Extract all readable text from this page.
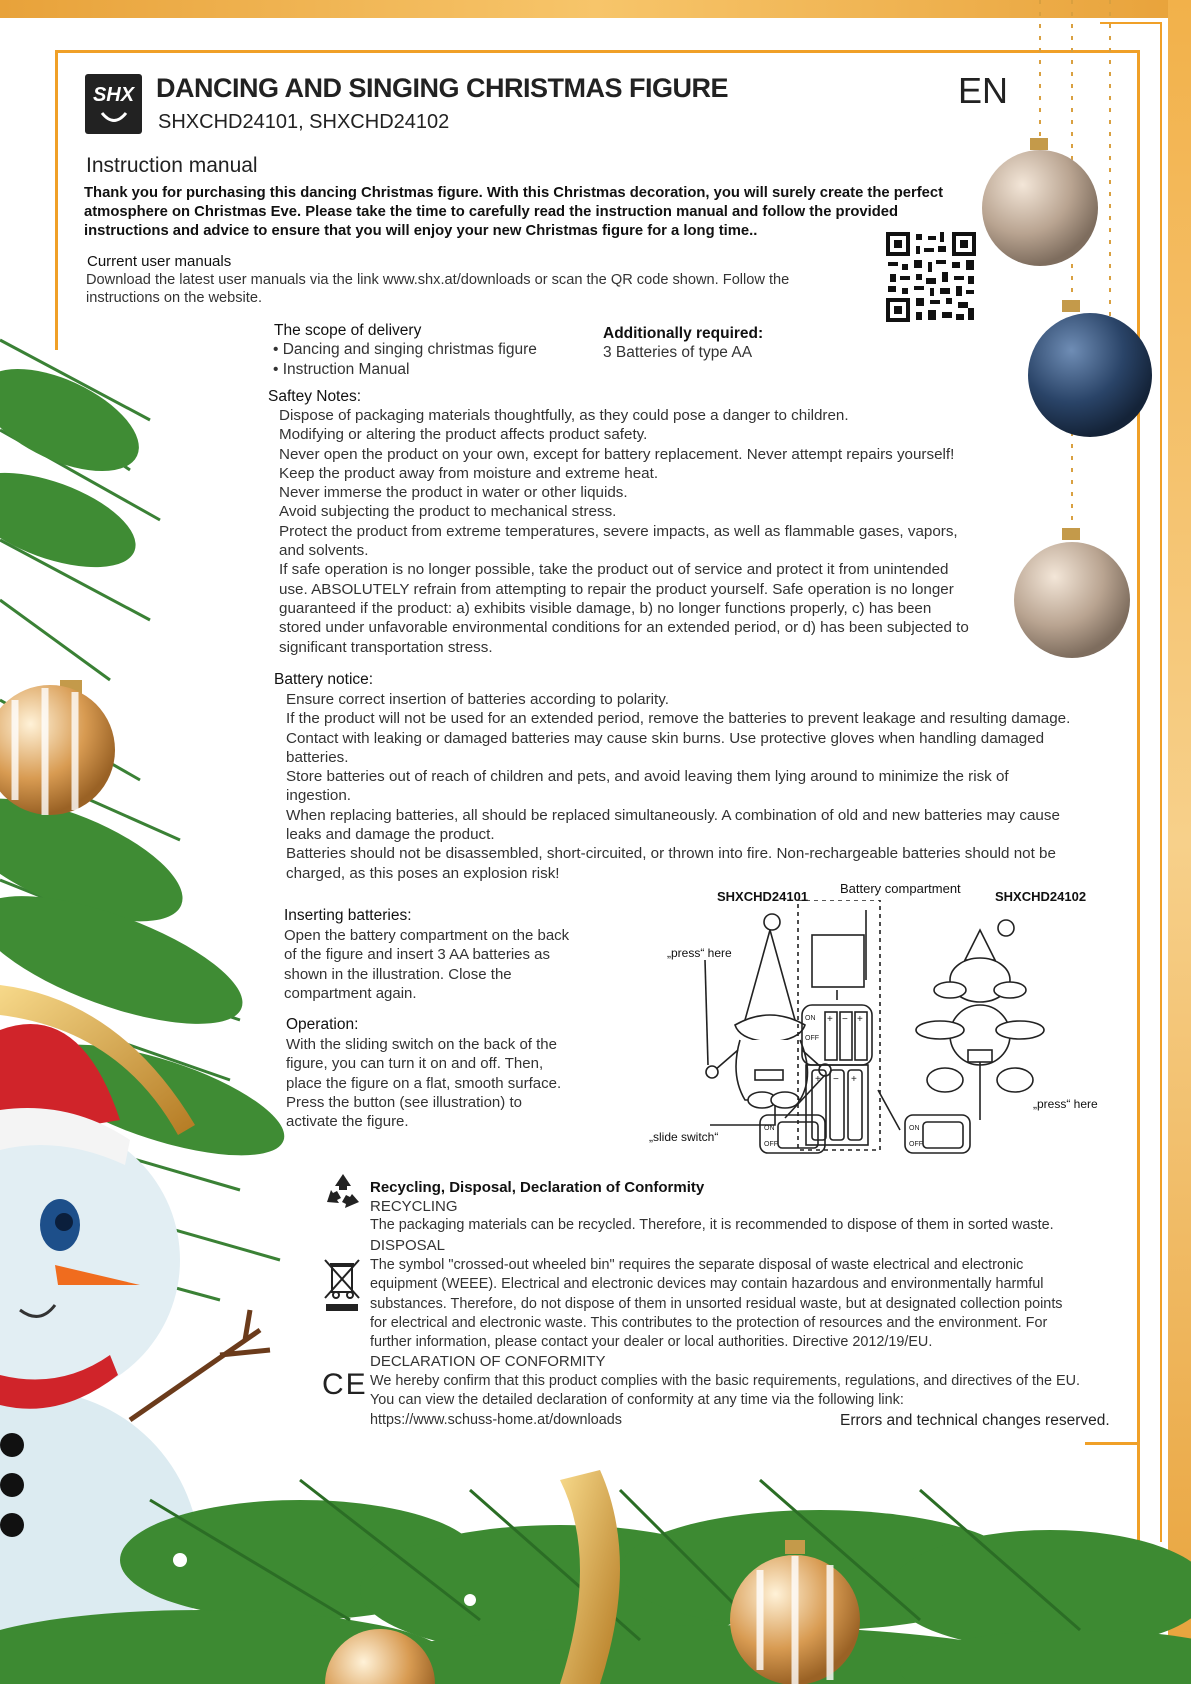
SHX DANCING AND SINGING CHRISTMAS FIGURE
SHXCHD24101, SHXCHD24102
EN
Instruction manual
Thank you for purchasing this dancing Christmas figure. With this Christmas decoration, you will surely create the perfect
atmosphere on Christmas Eve. Please take the time to carefully read the instruction manual and follow the provided
instructions and advice to ensure that you will enjoy your new Christmas figure for a long time..
Current user manuals
Download the latest user manuals via the link www.shx.at/downloads or scan the QR code shown. Follow the
instructions on the website.
The scope of delivery
• Dancing and singing christmas figure
• Instruction Manual
Additionally required:
3 Batteries of type AA
Saftey Notes:
Dispose of packaging materials thoughtfully, as they could pose a danger to children.
Modifying or altering the product affects product safety.
Never open the product on your own, except for battery replacement. Never attempt repairs yourself!
Keep the product away from moisture and extreme heat.
Never immerse the product in water or other liquids.
Avoid subjecting the product to mechanical stress.
Protect the product from extreme temperatures, severe impacts, as well as flammable gases, vapors,
and solvents.
If safe operation is no longer possible, take the product out of service and protect it from unintended
use. ABSOLUTELY refrain from attempting to repair the product yourself. Safe operation is no longer
guaranteed if the product: a) exhibits visible damage, b) no longer functions properly, c) has been
stored under unfavorable environmental conditions for an extended period, or d) has been subjected to
significant transportation stress.
Battery notice:
Ensure correct insertion of batteries according to polarity.
If the product will not be used for an extended period, remove the batteries to prevent leakage and resulting damage.
Contact with leaking or damaged batteries may cause skin burns. Use protective gloves when handling damaged
batteries.
Store batteries out of reach of children and pets, and avoid leaving them lying around to minimize the risk of
ingestion.
When replacing batteries, all should be replaced simultaneously. A combination of old and new batteries may cause
leaks and damage the product.
Batteries should not be disassembled, short-circuited, or thrown into fire. Non-rechargeable batteries should not be
charged, as this poses an explosion risk!
Inserting batteries:
Open the battery compartment on the back
of the figure and insert 3 AA batteries as
shown in the illustration. Close the
compartment again.
Operation:
With the sliding switch on the back of the
figure, you can turn it on and off. Then,
place the figure on a flat, smooth surface.
Press the button (see illustration) to
activate the figure.
SHXCHD24101
Battery compartment
SHXCHD24102
„press“ here
„press“ here
„slide switch“
ON
OFF
ON
OFF
ON
OFF
+ − +
+ − +
Recycling, Disposal, Declaration of Conformity
RECYCLING
The packaging materials can be recycled. Therefore, it is recommended to dispose of them in sorted waste.
DISPOSAL
The symbol "crossed-out wheeled bin" requires the separate disposal of waste electrical and electronic
equipment (WEEE). Electrical and electronic devices may contain hazardous and environmentally harmful
substances. Therefore, do not dispose of them in unsorted residual waste, but at designated collection points
for electrical and electronic waste. This contributes to the protection of resources and the environment. For
further information, please contact your dealer or local authorities. Directive 2012/19/EU.
DECLARATION OF CONFORMITY
CE We hereby confirm that this product complies with the basic requirements, regulations, and directives of the EU.
You can view the detailed declaration of conformity at any time via the following link:
https://www.schuss-home.at/downloads	Errors and technical changes reserved.
